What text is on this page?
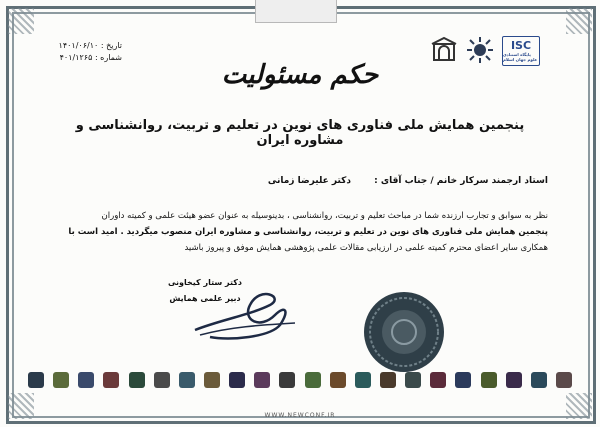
تاریخ : ۱۴۰۱/۰۶/۱۰
شماره : ۴۰۱/۱۲۶۵
ISC
پایگاه استنادی علوم جهان اسلام
حکم مسئولیت
پنجمین همایش ملی فناوری های نوین در تعلیم و تربیت، روانشناسی و مشاوره ایران
استاد ارجمند سرکار خانم / جناب آقای : دکتر علیرضا زمانی

نظر به سوابق و تجارب ارزنده شما در مباحث تعلیم و تربیت، روانشناسی ، بدینوسیله به عنوان عضو هیئت علمی و کمیته داوران

پنجمین همایش ملی فناوری های نوین در تعلیم و تربیت، روانشناسی و مشاوره ایران منصوب میگردید . امید است با

همکاری سایر اعضای محترم کمیته علمی در ارزیابی مقالات علمی پژوهشی همایش موفق و پیروز باشید

دکتر ستار کیخاونی
دبیر علمی همایش
WWW.NEWCONF.IR
